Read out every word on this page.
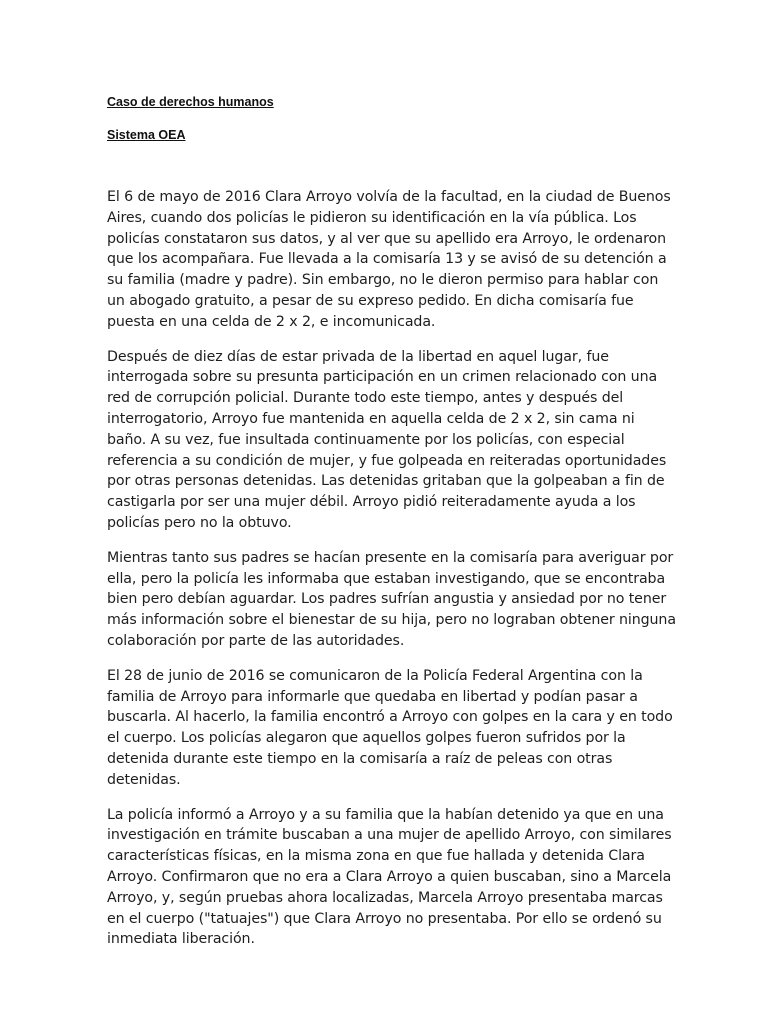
Caso de derechos humanos

Sistema OEA

El 6 de mayo de 2016 Clara Arroyo volvía de la facultad, en la ciudad de Buenos Aires, cuando dos policías le pidieron su identificación en la vía pública. Los policías constataron sus datos, y al ver que su apellido era Arroyo, le ordenaron que los acompañara. Fue llevada a la comisaría 13 y se avisó de su detención a su familia (madre y padre). Sin embargo, no le dieron permiso para hablar con un abogado gratuito, a pesar de su expreso pedido. En dicha comisaría fue puesta en una celda de 2 x 2, e incomunicada.

Después de diez días de estar privada de la libertad en aquel lugar, fue interrogada sobre su presunta participación en un crimen relacionado con una red de corrupción policial. Durante todo este tiempo, antes y después del interrogatorio, Arroyo fue mantenida en aquella celda de 2 x 2, sin cama ni baño. A su vez, fue insultada continuamente por los policías, con especial referencia a su condición de mujer, y fue golpeada en reiteradas oportunidades por otras personas detenidas. Las detenidas gritaban que la golpeaban a fin de castigarla por ser una mujer débil. Arroyo pidió reiteradamente ayuda a los policías pero no la obtuvo.

Mientras tanto sus padres se hacían presente en la comisaría para averiguar por ella, pero la policía les informaba que estaban investigando, que se encontraba bien pero debían aguardar. Los padres sufrían angustia y ansiedad por no tener más información sobre el bienestar de su hija, pero no lograban obtener ninguna colaboración por parte de las autoridades.

El 28 de junio de 2016 se comunicaron de la Policía Federal Argentina con la familia de Arroyo para informarle que quedaba en libertad y podían pasar a buscarla. Al hacerlo, la familia encontró a Arroyo con golpes en la cara y en todo el cuerpo. Los policías alegaron que aquellos golpes fueron sufridos por la detenida durante este tiempo en la comisaría a raíz de peleas con otras detenidas.

La policía informó a Arroyo y a su familia que la habían detenido ya que en una investigación en trámite buscaban a una mujer de apellido Arroyo, con similares características físicas, en la misma zona en que fue hallada y detenida Clara Arroyo. Confirmaron que no era a Clara Arroyo a quien buscaban, sino a Marcela Arroyo, y, según pruebas ahora localizadas, Marcela Arroyo presentaba marcas en el cuerpo ("tatuajes") que Clara Arroyo no presentaba. Por ello se ordenó su inmediata liberación.
